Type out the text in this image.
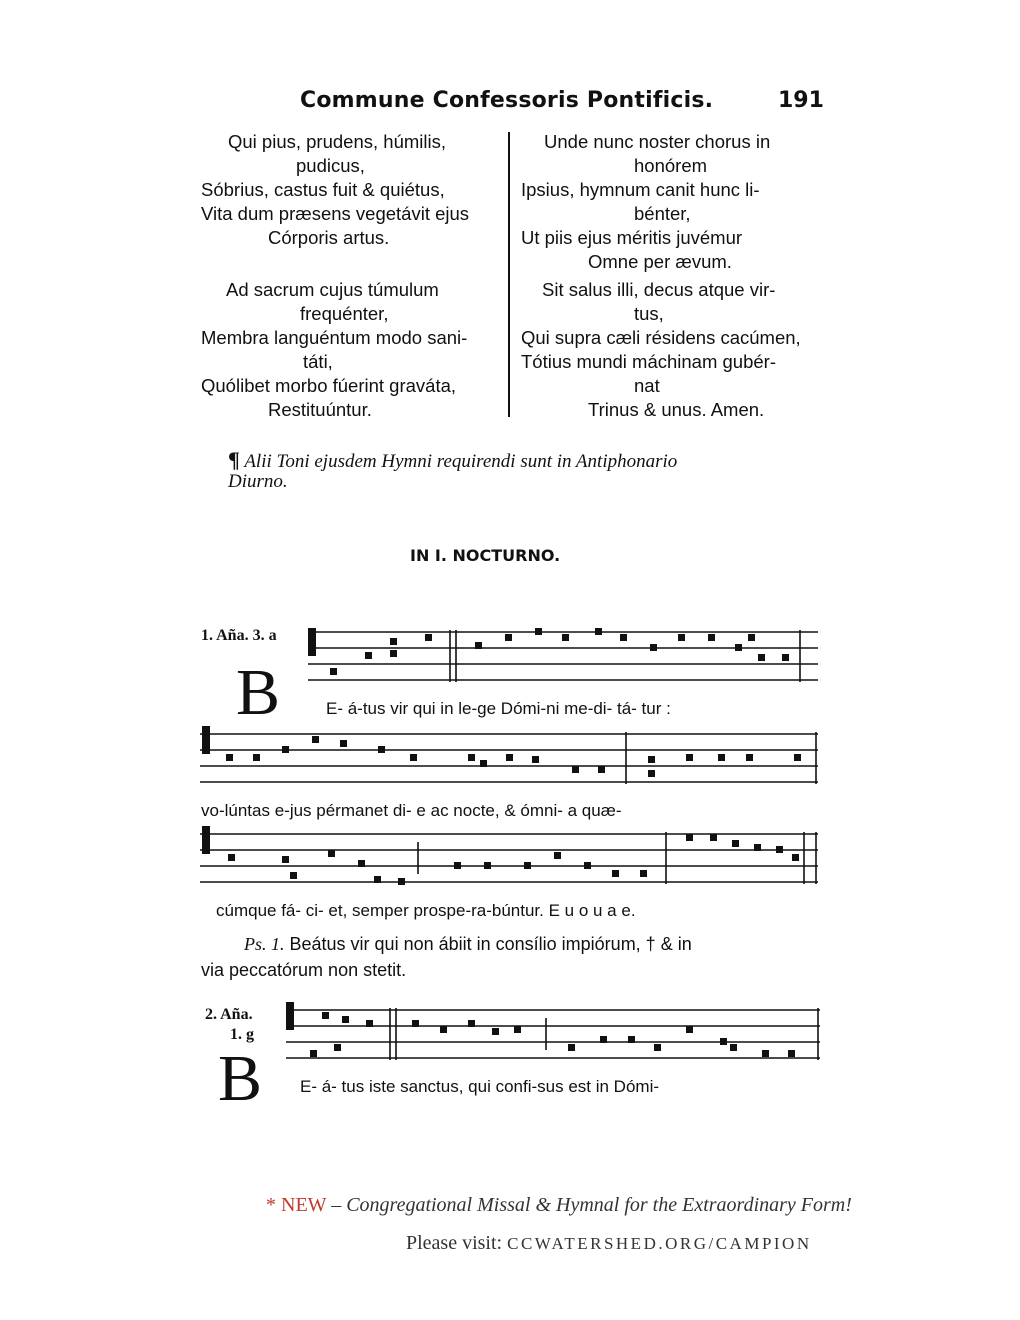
Commune Confessoris Pontificis.	191
Qui pius, prudens, húmilis,
pudicus,
Sóbrius, castus fuit & quiétus,
Vita dum præsens vegetávit ejus
Córporis artus.
Ad sacrum cujus túmulum
frequénter,
Membra languéntum modo sani-
táti,
Quólibet morbo fúerint graváta,
Restituúntur.
Unde nunc noster chorus in
honórem
Ipsius, hymnum canit hunc li-
bénter,
Ut piis ejus méritis juvémur
Omne per ævum.
Sit salus illi, decus atque vir-
tus,
Qui supra cæli résidens cacúmen,
Tótius mundi máchinam gubér-
nat
Trinus & unus. Amen.
¶ Alii Toni ejusdem Hymni requirendi sunt in Antiphonario
Diurno.
IN I. NOCTURNO.
1. Aña. 3. a
B	E- á-tus vir qui in le-ge Dómi-ni me-di- tá- tur :
vo-lúntas e-jus pérmanet di- e ac nocte, & ómni- a quæ-
cúmque fá- ci- et, semper prospe-ra-búntur. E u o u a e.
Ps. 1. Beátus vir qui non ábiit in consílio impiórum, † & in
via peccatórum non stetit.
2. Aña.
1. g
B E- á- tus iste sanctus, qui confi-sus est in Dómi-
* NEW – Congregational Missal & Hymnal for the Extraordinary Form!
Please visit: CCWATERSHED.ORG/CAMPION
